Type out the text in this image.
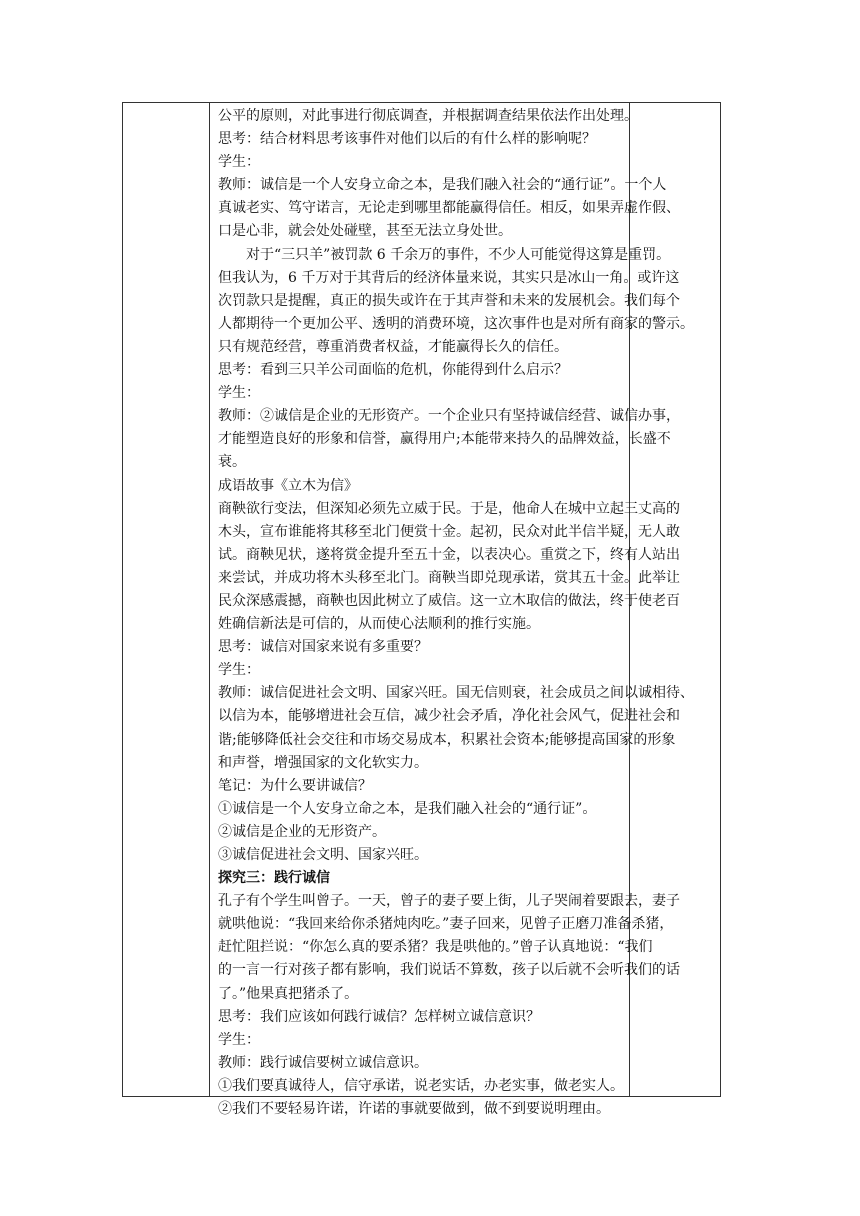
公平的原则，对此事进行彻底调查，并根据调查结果依法作出处理。
思考：结合材料思考该事件对他们以后的有什么样的影响呢？
学生：
教师：诚信是一个人安身立命之本，是我们融入社会的“通行证”。一个人
真诚老实、笃守诺言，无论走到哪里都能赢得信任。相反，如果弄虚作假、
口是心非，就会处处碰壁，甚至无法立身处世。
对于“三只羊”被罚款 6 千余万的事件，不少人可能觉得这算是重罚。
但我认为，6 千万对于其背后的经济体量来说，其实只是冰山一角。或许这
次罚款只是提醒，真正的损失或许在于其声誉和未来的发展机会。我们每个
人都期待一个更加公平、透明的消费环境，这次事件也是对所有商家的警示。
只有规范经营，尊重消费者权益，才能赢得长久的信任。
思考：看到三只羊公司面临的危机，你能得到什么启示？
学生：
教师：②诚信是企业的无形资产。一个企业只有坚持诚信经营、诚信办事，
才能塑造良好的形象和信誉，赢得用户;本能带来持久的品牌效益，长盛不
衰。
成语故事《立木为信》
商鞅欲行变法，但深知必须先立威于民。于是，他命人在城中立起三丈高的
木头，宣布谁能将其移至北门便赏十金。起初，民众对此半信半疑，无人敢
试。商鞅见状，遂将赏金提升至五十金，以表决心。重赏之下，终有人站出
来尝试，并成功将木头移至北门。商鞅当即兑现承诺，赏其五十金。此举让
民众深感震撼，商鞅也因此树立了威信。这一立木取信的做法，终于使老百
姓确信新法是可信的，从而使心法顺利的推行实施。
思考：诚信对国家来说有多重要？
学生：
教师：诚信促进社会文明、国家兴旺。国无信则衰，社会成员之间以诚相待、
以信为本，能够增进社会互信，减少社会矛盾，净化社会风气，促进社会和
谐;能够降低社会交往和市场交易成本，积累社会资本;能够提高国家的形象
和声誉，增强国家的文化软实力。
笔记：为什么要讲诚信？
①诚信是一个人安身立命之本，是我们融入社会的“通行证”。
②诚信是企业的无形资产。
③诚信促进社会文明、国家兴旺。
探究三：践行诚信
孔子有个学生叫曾子。一天，曾子的妻子要上街，儿子哭闹着要跟去，妻子
就哄他说：“我回来给你杀猪炖肉吃。”妻子回来，见曾子正磨刀准备杀猪，
赶忙阻拦说：“你怎么真的要杀猪？我是哄他的。”曾子认真地说：“我们
的一言一行对孩子都有影响，我们说话不算数，孩子以后就不会听我们的话
了。”他果真把猪杀了。
思考：我们应该如何践行诚信？怎样树立诚信意识？
学生：
教师：践行诚信要树立诚信意识。
①我们要真诚待人，信守承诺，说老实话，办老实事，做老实人。
②我们不要轻易许诺，许诺的事就要做到，做不到要说明理由。
